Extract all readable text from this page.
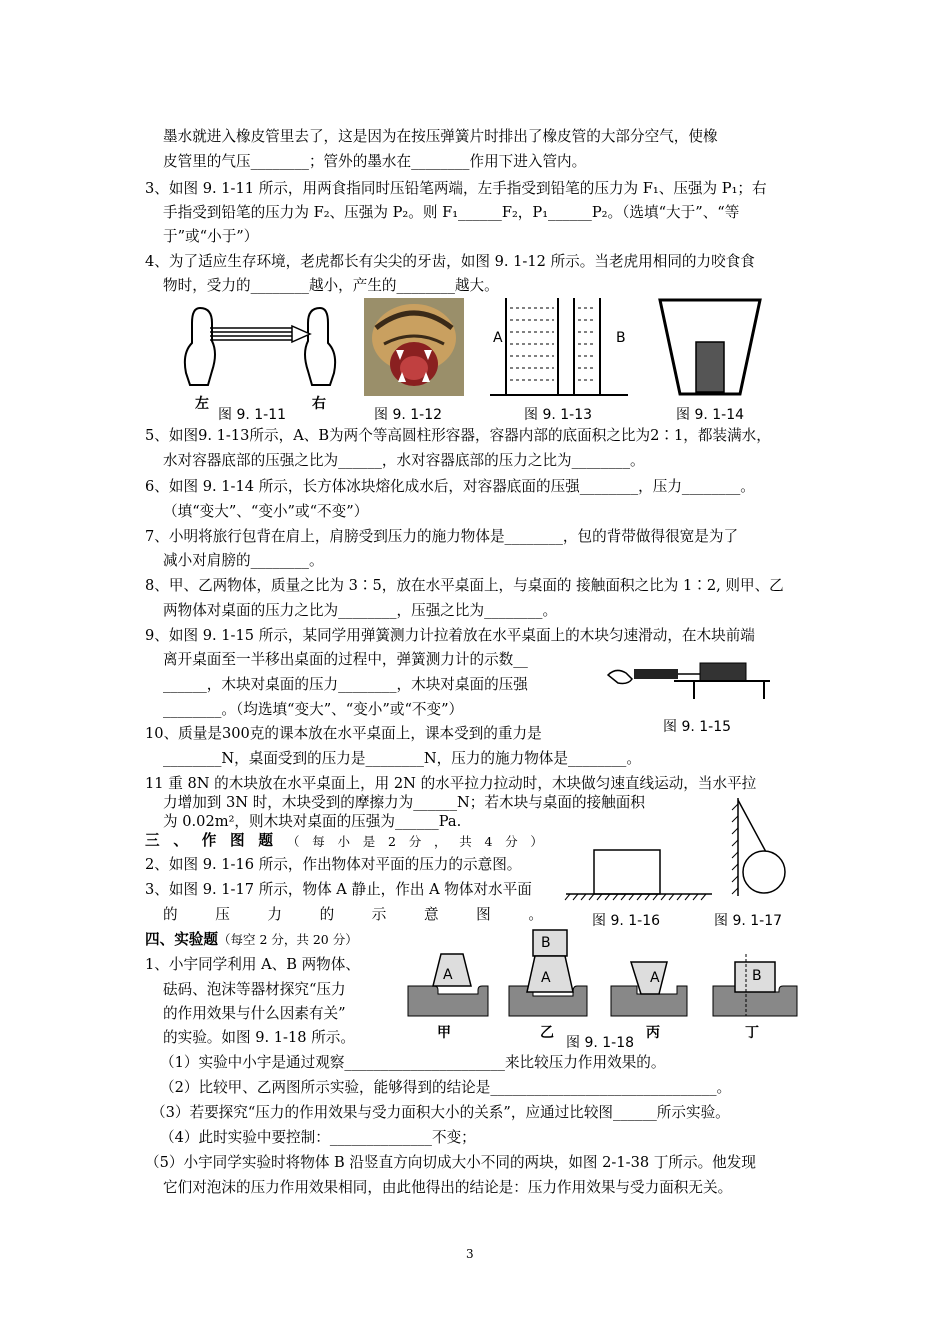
墨水就进入橡皮管里去了，这是因为在按压弹簧片时排出了橡皮管的大部分空气，使橡
皮管里的气压________；管外的墨水在________作用下进入管内。
3、如图 9. 1-11 所示，用两食指同时压铅笔两端，左手指受到铅笔的压力为 F₁、压强为 P₁；右
手指受到铅笔的压力为 F₂、压强为 P₂。则 F₁______F₂，P₁______P₂。（选填“大于”、“等
于”或“小于”）
4、为了适应生存环境，老虎都长有尖尖的牙齿，如图 9. 1-12 所示。当老虎用相同的力咬食食
物时，受力的________越小，产生的________越大。
左	右
图 9. 1-11	图 9. 1-12
A	B
图 9. 1-13	图 9. 1-14
5、如图9. 1-13所示，A、B为两个等高圆柱形容器，容器内部的底面积之比为2∶1，都装满水，
水对容器底部的压强之比为______，水对容器底部的压力之比为________。
6、如图 9. 1-14 所示，长方体冰块熔化成水后，对容器底面的压强________，压力________。
（填“变大”、“变小”或“不变”）
7、小明将旅行包背在肩上，肩膀受到压力的施力物体是________，包的背带做得很宽是为了
减小对肩膀的________。
8、甲、乙两物体，质量之比为 3∶5，放在水平桌面上，与桌面的 接触面积之比为 1∶2, 则甲、乙
两物体对桌面的压力之比为________，压强之比为________。
9、如图 9. 1-15 所示，某同学用弹簧测力计拉着放在水平桌面上的木块匀速滑动，在木块前端
离开桌面至一半移出桌面的过程中，弹簧测力计的示数__
______，木块对桌面的压力________，木块对桌面的压强
________。（均选填“变大”、“变小”或“不变”）
图 9. 1-15
10、质量是300克的课本放在水平桌面上，课本受到的重力是
________N，桌面受到的压力是________N，压力的施力物体是________。
11 重 8N 的木块放在水平桌面上，用 2N 的水平拉力拉动时，木块做匀速直线运动，当水平拉
力增加到 3N 时，木块受到的摩擦力为______N；若木块与桌面的接触面积
为 0.02m²，则木块对桌面的压强为______Pa.
三 、 作 图 题 （ 每 小 是 2 分 ， 共 4 分 ）
2、如图 9. 1-16 所示，作出物体对平面的压力的示意图。
3、如图 9. 1-17 所示，物体 A 静止，作出 A 物体对水平面
的	压	力	的	示	意	图	。	图 9. 1-16	图 9. 1-17
四、实验题（每空 2 分，共 20 分）
1、小宇同学利用 A、B 两物体、
砝码、泡沫等器材探究“压力
的作用效果与什么因素有关”
的实验。如图 9. 1-18 所示。
A
B
A	A	B
甲	乙	丙	丁
图 9. 1-18
（1）实验中小宇是通过观察______________________来比较压力作用效果的。
（2）比较甲、乙两图所示实验，能够得到的结论是_______________________________。
（3）若要探究“压力的作用效果与受力面积大小的关系”，应通过比较图______所示实验。
（4）此时实验中要控制：______________不变；
（5）小宇同学实验时将物体 B 沿竖直方向切成大小不同的两块，如图 2-1-38 丁所示。他发现
它们对泡沫的压力作用效果相同，由此他得出的结论是：压力作用效果与受力面积无关。
3
